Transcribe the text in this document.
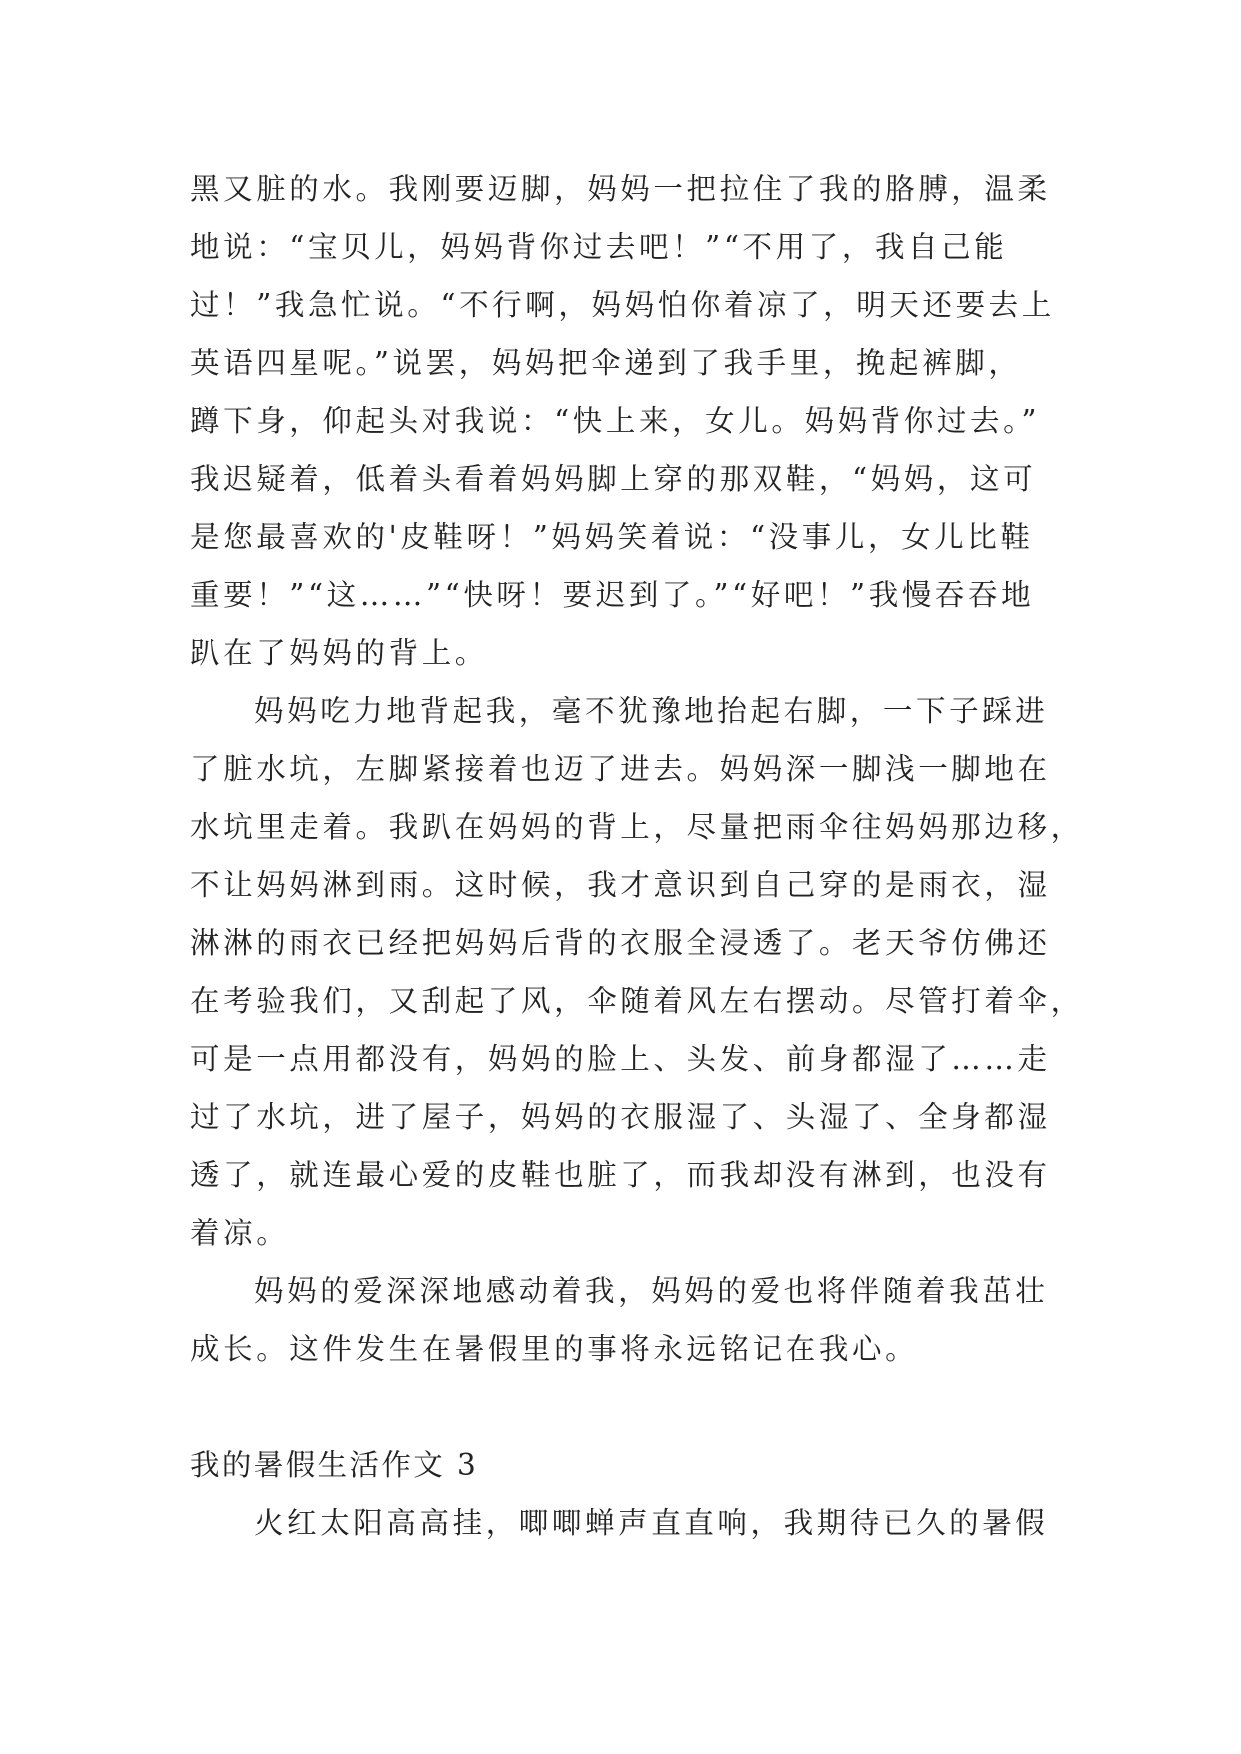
黑又脏的水。我刚要迈脚，妈妈一把拉住了我的胳膊，温柔
地说：“宝贝儿，妈妈背你过去吧！”“不用了，我自己能
过！”我急忙说。“不行啊，妈妈怕你着凉了，明天还要去上
英语四星呢。”说罢，妈妈把伞递到了我手里，挽起裤脚，
蹲下身，仰起头对我说：“快上来，女儿。妈妈背你过去。”
我迟疑着，低着头看着妈妈脚上穿的那双鞋，“妈妈，这可
是您最喜欢的'皮鞋呀！”妈妈笑着说：“没事儿，女儿比鞋
重要！”“这……”“快呀！要迟到了。”“好吧！”我慢吞吞地
趴在了妈妈的背上。
妈妈吃力地背起我，毫不犹豫地抬起右脚，一下子踩进
了脏水坑，左脚紧接着也迈了进去。妈妈深一脚浅一脚地在
水坑里走着。我趴在妈妈的背上，尽量把雨伞往妈妈那边移，
不让妈妈淋到雨。这时候，我才意识到自己穿的是雨衣，湿
淋淋的雨衣已经把妈妈后背的衣服全浸透了。老天爷仿佛还
在考验我们，又刮起了风，伞随着风左右摆动。尽管打着伞，
可是一点用都没有，妈妈的脸上、头发、前身都湿了……走
过了水坑，进了屋子，妈妈的衣服湿了、头湿了、全身都湿
透了，就连最心爱的皮鞋也脏了，而我却没有淋到，也没有
着凉。
妈妈的爱深深地感动着我，妈妈的爱也将伴随着我茁壮
成长。这件发生在暑假里的事将永远铭记在我心。
我的暑假生活作文 3
火红太阳高高挂，唧唧蝉声直直响，我期待已久的暑假
